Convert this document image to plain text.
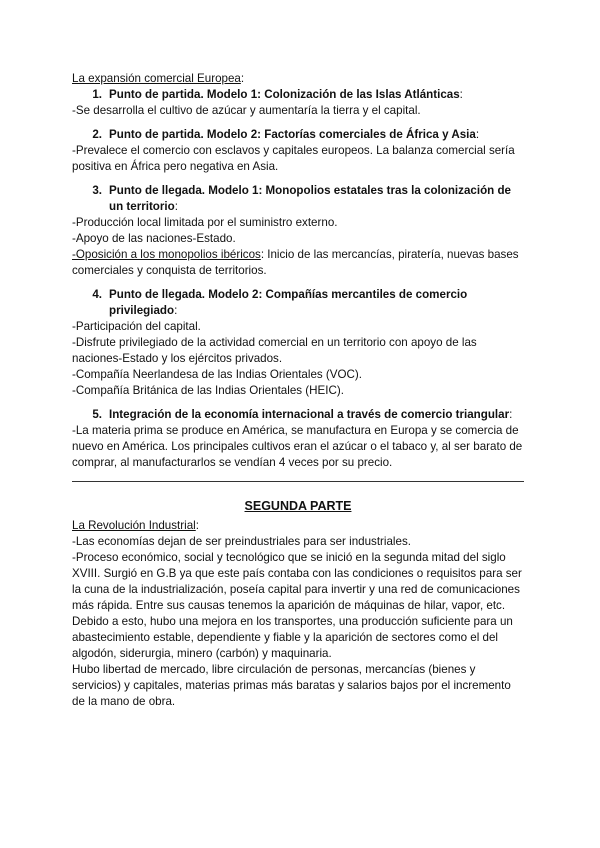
La expansión comercial Europea:

1. Punto de partida. Modelo 1: Colonización de las Islas Atlánticas:

-Se desarrolla el cultivo de azúcar y aumentaría la tierra y el capital.

2. Punto de partida. Modelo 2: Factorías comerciales de África y Asia:

-Prevalece el comercio con esclavos y capitales europeos. La balanza comercial sería positiva en África pero negativa en Asia.

3. Punto de llegada. Modelo 1: Monopolios estatales tras la colonización de un territorio:

-Producción local limitada por el suministro externo.

-Apoyo de las naciones-Estado.

-Oposición a los monopolios ibéricos: Inicio de las mercancías, piratería, nuevas bases comerciales y conquista de territorios.

4. Punto de llegada. Modelo 2: Compañías mercantiles de comercio privilegiado:

-Participación del capital.

-Disfrute privilegiado de la actividad comercial en un territorio con apoyo de las naciones-Estado y los ejércitos privados.

-Compañía Neerlandesa de las Indias Orientales (VOC).

-Compañía Británica de las Indias Orientales (HEIC).

5. Integración de la economía internacional a través de comercio triangular:

-La materia prima se produce en América, se manufactura en Europa y se comercia de nuevo en América. Los principales cultivos eran el azúcar o el tabaco y, al ser barato de comprar, al manufacturarlos se vendían 4 veces por su precio.

SEGUNDA PARTE

La Revolución Industrial:

-Las economías dejan de ser preindustriales para ser industriales.

-Proceso económico, social y tecnológico que se inició en la segunda mitad del siglo XVIII. Surgió en G.B ya que este país contaba con las condiciones o requisitos para ser la cuna de la industrialización, poseía capital para invertir y una red de comunicaciones más rápida. Entre sus causas tenemos la aparición de máquinas de hilar, vapor, etc. Debido a esto, hubo una mejora en los transportes, una producción suficiente para un abastecimiento estable, dependiente y fiable y la aparición de sectores como el del algodón, siderurgia, minero (carbón) y maquinaria.

Hubo libertad de mercado, libre circulación de personas, mercancías (bienes y servicios) y capitales, materias primas más baratas y salarios bajos por el incremento de la mano de obra.
